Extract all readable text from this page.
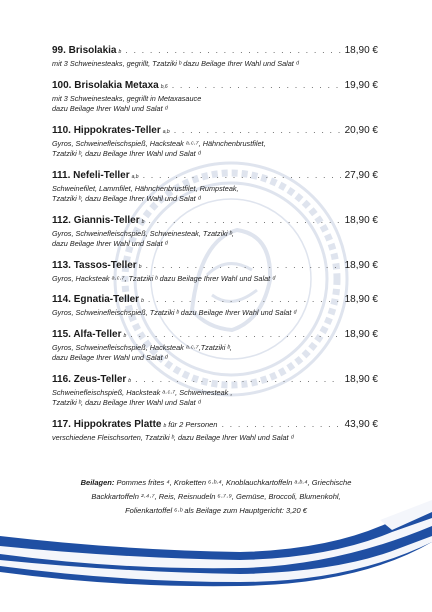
99. Brisolakia b . . .	18,90 €
mit 3 Schweinesteaks, gegrillt, Tzatziki ᵇ dazu Beilage Ihrer Wahl und Salat ᵈ
100. Brisolakia Metaxa b,6 . . .	19,90 €
mit 3 Schweinesteaks, gegrillt in Metaxasauce
dazu Beilage Ihrer Wahl und Salat ᵈ
110. Hippokrates-Teller a,b . . .	20,90 €
Gyros, Schweinefleischspieß, Hacksteak ᵃ·ᶜ·⁷, Hähnchenbrustfilet,
Tzatziki ᵇ, dazu Beilage Ihrer Wahl und Salat ᵈ
111. Nefeli-Teller a,b . . .	27,90 €
Schweinefilet, Lammfilet, Hähnchenbrustfilet, Rumpsteak,
Tzatziki ᵇ, dazu Beilage Ihrer Wahl und Salat ᵈ
112. Giannis-Teller b . . .	18,90 €
Gyros, Schweinefleischspieß, Schweinesteak, Tzatziki ᵇ,
dazu Beilage Ihrer Wahl und Salat ᵈ
113. Tassos-Teller b . . .	18,90 €
Gyros, Hacksteak ᵃ·ᶜ·⁷, Tzatziki ᵇ dazu Beilage Ihrer Wahl und Salat ᵈ
114. Egnatia-Teller b . . .	18,90 €
Gyros, Schweinefleischspieß, Tzatziki ᵇ dazu Beilage Ihrer Wahl und Salat ᵈ
115. Alfa-Teller b . . .	18,90 €
Gyros, Schweinefleischspieß, Hacksteak ᵃ·ᶜ·⁷,Tzatziki ᵇ,
dazu Beilage Ihrer Wahl und Salat ᵈ
116. Zeus-Teller b . . .	18,90 €
Schweinefleischspieß, Hacksteak ᵃ·ᶜ·⁷, Schweinesteak ,
Tzatziki ᵇ, dazu Beilage Ihrer Wahl und Salat ᵈ
117. Hippokrates Platte b für 2 Personen . . .	43,90 €
verschiedene Fleischsorten, Tzatziki ᵇ, dazu Beilage Ihrer Wahl und Salat ᵈ
Beilagen: Pommes frites ⁴, Kroketten ⁶·ᵇ·⁴, Knoblauchkartoffeln ᵃ·ᵇ·⁴, Griechische
Backkartoffeln ²·⁴·⁷, Reis, Reisnudeln ⁶·⁷·⁹, Gemüse, Broccoli, Blumenkohl,
Folienkartoffel ⁶·ᵇ als Beilage zum Hauptgericht: 3,20 €
